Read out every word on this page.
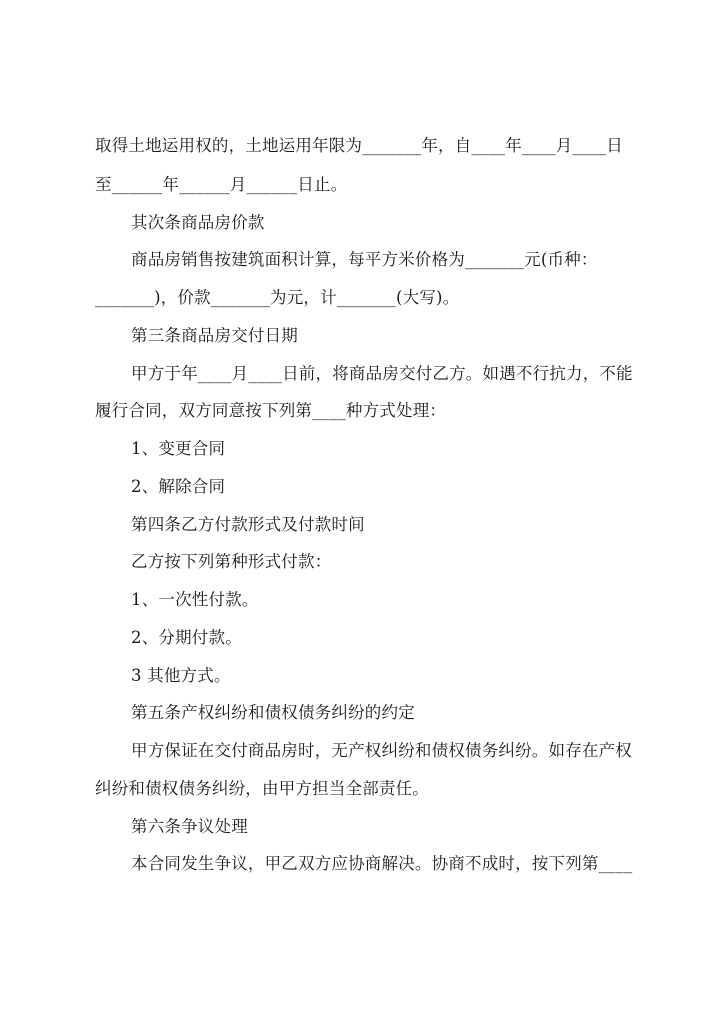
取得土地运用权的，土地运用年限为_______年，自____年____月____日
至______年______月______日止。
其次条商品房价款
商品房销售按建筑面积计算，每平方米价格为_______元(币种：
_______)，价款_______为元，计_______(大写)。
第三条商品房交付日期
甲方于年____月____日前，将商品房交付乙方。如遇不行抗力，不能
履行合同，双方同意按下列第____种方式处理：
1、变更合同
2、解除合同
第四条乙方付款形式及付款时间
乙方按下列第种形式付款：
1、一次性付款。
2、分期付款。
3 其他方式。
第五条产权纠纷和债权债务纠纷的约定
甲方保证在交付商品房时，无产权纠纷和债权债务纠纷。如存在产权
纠纷和债权债务纠纷，由甲方担当全部责任。
第六条争议处理
本合同发生争议，甲乙双方应协商解决。协商不成时，按下列第____
